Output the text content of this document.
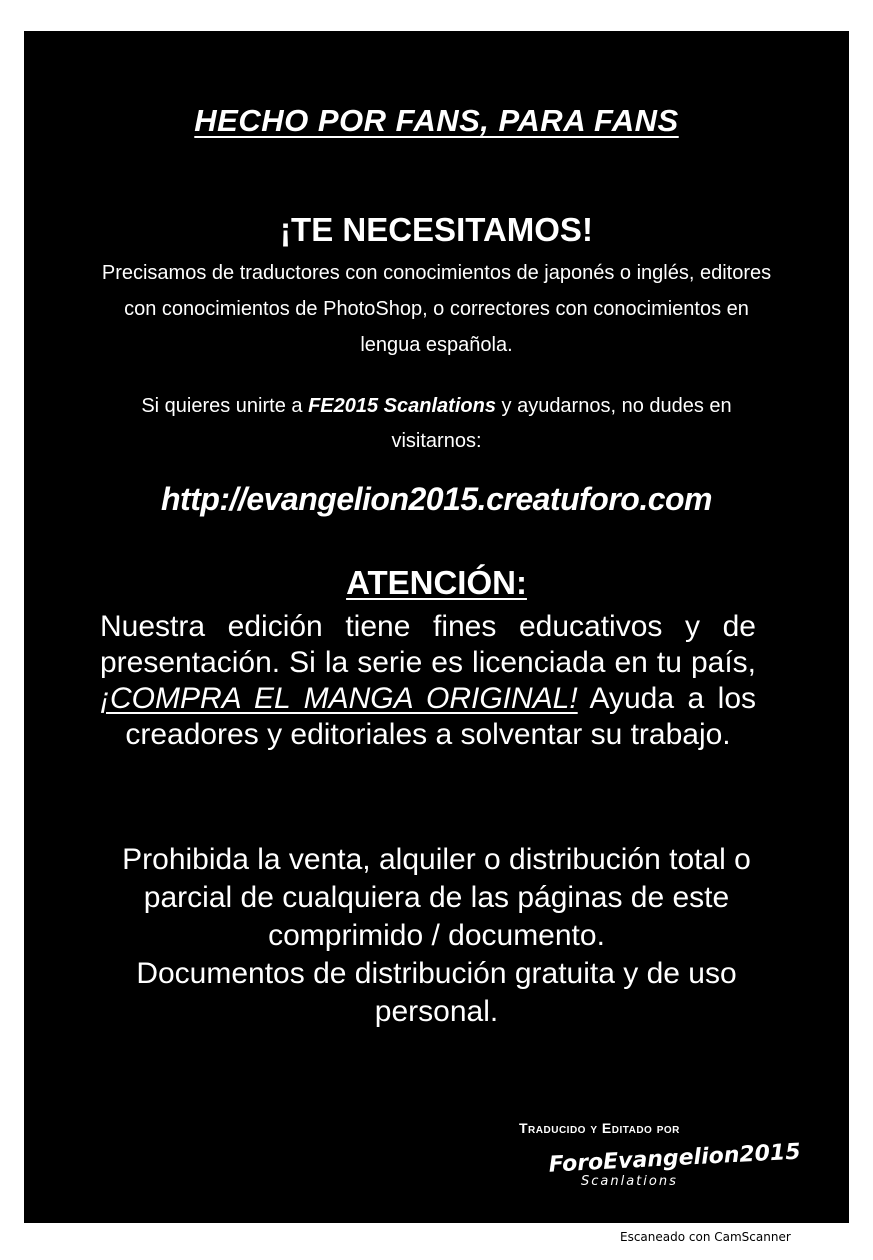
HECHO POR FANS, PARA FANS
¡TE NECESITAMOS!
Precisamos de traductores con conocimientos de japonés o inglés, editores con conocimientos de PhotoShop, o correctores con conocimientos en lengua española.
Si quieres unirte a FE2015 Scanlations y ayudarnos, no dudes en visitarnos:
http://evangelion2015.creatuforo.com
ATENCIÓN:
Nuestra edición tiene fines educativos y de presentación. Si la serie es licenciada en tu país, ¡COMPRA EL MANGA ORIGINAL! Ayuda a los creadores y editoriales a solventar su trabajo.
Prohibida la venta, alquiler o distribución total o parcial de cualquiera de las páginas de este comprimido / documento.
Documentos de distribución gratuita y de uso personal.
Traducido y Editado por
ForoEvangelion2015
Scanlations
Escaneado con CamScanner
